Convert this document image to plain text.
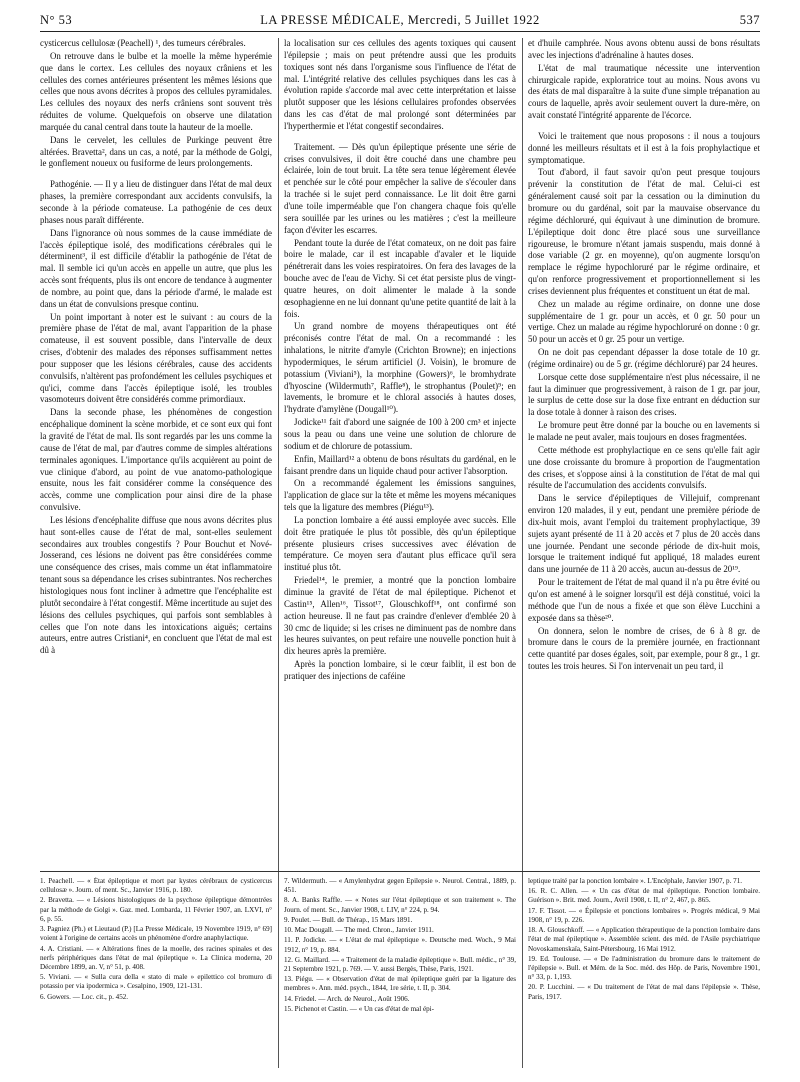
N° 53	LA PRESSE MÉDICALE, Mercredi, 5 Juillet 1922	537

cysticercus cellulosæ (Peachell) ¹, des tumeurs cérébrales.

On retrouve dans le bulbe et la moelle la même hyperémie que dans le cortex. Les cellules des noyaux crâniens et les cellules des cornes antérieures présentent les mêmes lésions que celles que nous avons décrites à propos des cellules pyramidales. Les cellules des noyaux des nerfs crâniens sont souvent très réduites de volume. Quelquefois on observe une dilatation marquée du canal central dans toute la hauteur de la moelle.

Dans le cervelet, les cellules de Purkinge peuvent être altérées. Bravetta², dans un cas, a noté, par la méthode de Golgi, le gonflement noueux ou fusiforme de leurs prolongements.

Pathogénie. — Il y a lieu de distinguer dans l'état de mal deux phases, la première correspondant aux accidents convulsifs, la seconde à la période comateuse. La pathogénie de ces deux phases nous paraît différente.

Dans l'ignorance où nous sommes de la cause immédiate de l'accès épileptique isolé, des modifications cérébrales qui le déterminent³, il est difficile d'établir la pathogénie de l'état de mal. Il semble ici qu'un accès en appelle un autre, que plus les accès sont fréquents, plus ils ont encore de tendance à augmenter de nombre, au point que, dans la période d'armé, le malade est dans un état de convulsions presque continu.

Un point important à noter est le suivant : au cours de la première phase de l'état de mal, avant l'apparition de la phase comateuse, il est souvent possible, dans l'intervalle de deux crises, d'obtenir des malades des réponses suffisamment nettes pour supposer que les lésions cérébrales, cause des accidents convulsifs, n'altèrent pas profondément les cellules psychiques et qu'ici, comme dans l'accès épileptique isolé, les troubles vasomoteurs doivent être considérés comme primordiaux.

Dans la seconde phase, les phénomènes de congestion encéphalique dominent la scène morbide, et ce sont eux qui font la gravité de l'état de mal. Ils sont regardés par les uns comme la cause de l'état de mal, par d'autres comme de simples altérations terminales agoniques. L'importance qu'ils acquièrent au point de vue clinique d'abord, au point de vue anatomo-pathologique ensuite, nous les fait considérer comme la conséquence des accès, comme une complication pour ainsi dire de la phase convulsive.

Les lésions d'encéphalite diffuse que nous avons décrites plus haut sont-elles cause de l'état de mal, sont-elles seulement secondaires aux troubles congestifs ? Pour Bouchut et Nové-Josserand, ces lésions ne doivent pas être considérées comme une conséquence des crises, mais comme un état inflammatoire tenant sous sa dépendance les crises subintrantes. Nos recherches histologiques nous font incliner à admettre que l'encéphalite est plutôt secondaire à l'état congestif. Même incertitude au sujet des lésions des cellules psychiques, qui parfois sont semblables à celles que l'on note dans les intoxications aiguës; certains auteurs, entre autres Cristiani⁴, en concluent que l'état de mal est dû à

la localisation sur ces cellules des agents toxiques qui causent l'épilepsie ; mais on peut prétendre aussi que les produits toxiques sont nés dans l'organisme sous l'influence de l'état de mal. L'intégrité relative des cellules psychiques dans les cas à évolution rapide s'accorde mal avec cette interprétation et laisse plutôt supposer que les lésions cellulaires profondes observées dans les cas d'état de mal prolongé sont déterminées par l'hyperthermie et l'état congestif secondaires.

Traitement. — Dès qu'un épileptique présente une série de crises convulsives, il doit être couché dans une chambre peu éclairée, loin de tout bruit. La tête sera tenue légèrement élevée et penchée sur le côté pour empêcher la salive de s'écouler dans la trachée si le sujet perd connaissance. Le lit doit être garni d'une toile imperméable que l'on changera chaque fois qu'elle sera souillée par les urines ou les matières ; c'est la meilleure façon d'éviter les escarres.

Pendant toute la durée de l'état comateux, on ne doit pas faire boire le malade, car il est incapable d'avaler et le liquide pénétrerait dans les voies respiratoires. On fera des lavages de la bouche avec de l'eau de Vichy. Si cet état persiste plus de vingt-quatre heures, on doit alimenter le malade à la sonde œsophagienne en ne lui donnant qu'une petite quantité de lait à la fois.

Un grand nombre de moyens thérapeutiques ont été préconisés contre l'état de mal. On a recommandé : les inhalations, le nitrite d'amyle (Crichton Browne); en injections hypodermiques, le sérum artificiel (J. Voisin), le bromure de potassium (Viviani⁵), la morphine (Gowers)⁶, le bromhydrate d'hyoscine (Wildermuth⁷, Raffle⁸), le strophantus (Poulet)⁹; en lavements, le bromure et le chloral associés à hautes doses, l'hydrate d'amylène (Dougall¹⁰).

Jodicke¹¹ fait d'abord une saignée de 100 à 200 cm³ et injecte sous la peau ou dans une veine une solution de chlorure de sodium et de chlorure de potassium.

Enfin, Maillard¹² a obtenu de bons résultats du gardénal, en le faisant prendre dans un liquide chaud pour activer l'absorption.

On a recommandé également les émissions sanguines, l'application de glace sur la tête et même les moyens mécaniques tels que la ligature des membres (Piégu¹³).

La ponction lombaire a été aussi employée avec succès. Elle doit être pratiquée le plus tôt possible, dès qu'un épileptique présente plusieurs crises successives avec élévation de température. Ce moyen sera d'autant plus efficace qu'il sera institué plus tôt.

Friedel¹⁴, le premier, a montré que la ponction lombaire diminue la gravité de l'état de mal épileptique. Pichenot et Castin¹⁵, Allen¹⁶, Tissot¹⁷, Glouschkoff¹⁸, ont confirmé son action heureuse. Il ne faut pas craindre d'enlever d'emblée 20 à 30 cmc de liquide; si les crises ne diminuent pas de nombre dans les heures suivantes, on peut refaire une nouvelle ponction huit à dix heures après la première.

Après la ponction lombaire, si le cœur faiblit, il est bon de pratiquer des injections de caféine

et d'huile camphrée. Nous avons obtenu aussi de bons résultats avec les injections d'adrénaline à hautes doses.

L'état de mal traumatique nécessite une intervention chirurgicale rapide, exploratrice tout au moins. Nous avons vu des états de mal disparaître à la suite d'une simple trépanation au cours de laquelle, après avoir seulement ouvert la dure-mère, on avait constaté l'intégrité apparente de l'écorce.

Voici le traitement que nous proposons : il nous a toujours donné les meilleurs résultats et il est à la fois prophylactique et symptomatique.

Tout d'abord, il faut savoir qu'on peut presque toujours prévenir la constitution de l'état de mal. Celui-ci est généralement causé soit par la cessation ou la diminution du bromure ou du gardénal, soit par la mauvaise observance du régime déchloruré, qui équivaut à une diminution de bromure. L'épileptique doit donc être placé sous une surveillance rigoureuse, le bromure n'étant jamais suspendu, mais donné à dose variable (2 gr. en moyenne), qu'on augmente lorsqu'on remplace le régime hypochloruré par le régime ordinaire, et qu'on renforce progressivement et proportionnellement si les crises deviennent plus fréquentes et constituent un état de mal.

Chez un malade au régime ordinaire, on donne une dose supplémentaire de 1 gr. pour un accès, et 0 gr. 50 pour un vertige. Chez un malade au régime hypochloruré on donne : 0 gr. 50 pour un accès et 0 gr. 25 pour un vertige.

On ne doit pas cependant dépasser la dose totale de 10 gr. (régime ordinaire) ou de 5 gr. (régime déchloruré) par 24 heures.

Lorsque cette dose supplémentaire n'est plus nécessaire, il ne faut la diminuer que progressivement, à raison de 1 gr. par jour, le surplus de cette dose sur la dose fixe entrant en déduction sur la dose totale à donner à raison des crises.

Le bromure peut être donné par la bouche ou en lavements si le malade ne peut avaler, mais toujours en doses fragmentées.

Cette méthode est prophylactique en ce sens qu'elle fait agir une dose croissante du bromure à proportion de l'augmentation des crises, et s'oppose ainsi à la constitution de l'état de mal qui résulte de l'accumulation des accidents convulsifs.

Dans le service d'épileptiques de Villejuif, comprenant environ 120 malades, il y eut, pendant une première période de dix-huit mois, avant l'emploi du traitement prophylactique, 39 sujets ayant présenté de 11 à 20 accès et 7 plus de 20 accès dans une journée. Pendant une seconde période de dix-huit mois, lorsque le traitement indiqué fut appliqué, 18 malades eurent dans une journée de 11 à 20 accès, aucun au-dessus de 20¹⁹.

Pour le traitement de l'état de mal quand il n'a pu être évité ou qu'on est amené à le soigner lorsqu'il est déjà constitué, voici la méthode que l'un de nous a fixée et que son élève Lucchini a exposée dans sa thèse²⁰.

On donnera, selon le nombre de crises, de 6 à 8 gr. de bromure dans le cours de la première journée, en fractionnant cette quantité par doses égales, soit, par exemple, pour 8 gr., 1 gr. toutes les trois heures. Si l'on intervenait un peu tard, il

1. Peachell. — « État épileptique et mort par kystes cérébraux de cysticercus cellulosæ ». Journ. of ment. Sc., Janvier 1916, p. 180.
2. Bravetta. — « Lésions histologiques de la psychose épileptique démontrées par la méthode de Golgi ». Gaz. med. Lombarda, 11 Février 1907, an. LXVI, n° 6, p. 55.
3. Pagniez (Ph.) et Lieutaud (P.) [La Presse Médicale, 19 Novembre 1919, n° 69] voient à l'origine de certains accès un phénomène d'ordre anaphylactique.
4. A. Cristiani. — « Altérations fines de la moelle, des racines spinales et des nerfs périphériques dans l'état de mal épileptique ». La Clinica moderna, 20 Décembre 1899, an. V, n° 51, p. 408.
5. Viviani. — « Sulla cura della « stato di male » epilettico col bromuro di potassio per via ipodermica ». Cesalpino, 1909, 121-131.
6. Gowers. — Loc. cit., p. 452.
7. Wildermuth. — « Amylenhydrat gegen Epilepsie ». Neurol. Central., 1889, p. 451.
8. A. Banks Raffle. — « Notes sur l'état épileptique et son traitement ». The Journ. of ment. Sc., Janvier 1908, t. LIV, n° 224, p. 94.
9. Poulet. — Bull. de Thérap., 15 Mars 1891.
10. Mac Dougall. — The med. Chron., Janvier 1911.
11. P. Jodicke. — « L'état de mal épileptique ». Deutsche med. Woch., 9 Mai 1912, n° 19, p. 884.
12. G. Maillard. — « Traitement de la maladie épileptique ». Bull. médic., n° 39, 21 Septembre 1921, p. 769. — V. aussi Bergès, Thèse, Paris, 1921.
13. Piégu. — « Observation d'état de mal épileptique guéri par la ligature des membres ». Ann. méd. psych., 1844, 1re série, t. II, p. 304.
14. Friedel. — Arch. de Neurol., Août 1906.
15. Pichenot et Castin. — « Un cas d'état de mal épi-
leptique traité par la ponction lombaire ». L'Encéphale, Janvier 1907, p. 71.
16. R. C. Allen. — « Un cas d'état de mal épileptique. Ponction lombaire. Guérison ». Brit. med. Journ., Avril 1908, t. II, n° 2, 467, p. 865.
17. F. Tissot. — « Épilepsie et ponctions lombaires ». Progrès médical, 9 Mai 1908, n° 19, p. 226.
18. A. Glouschkoff. — « Application thérapeutique de la ponction lombaire dans l'état de mal épileptique ». Assemblée scient. des méd. de l'Asile psychiatrique Novoskamenskaïa, Saint-Pétersbourg, 16 Mai 1912.
19. Ed. Toulouse. — « De l'administration du bromure dans le traitement de l'épilepsie ». Bull. et Mém. de la Soc. méd. des Hôp. de Paris, Novembre 1901, n° 33, p. 1,193.
20. P. Lucchini. — « Du traitement de l'état de mal dans l'épilepsie ». Thèse, Paris, 1917.
